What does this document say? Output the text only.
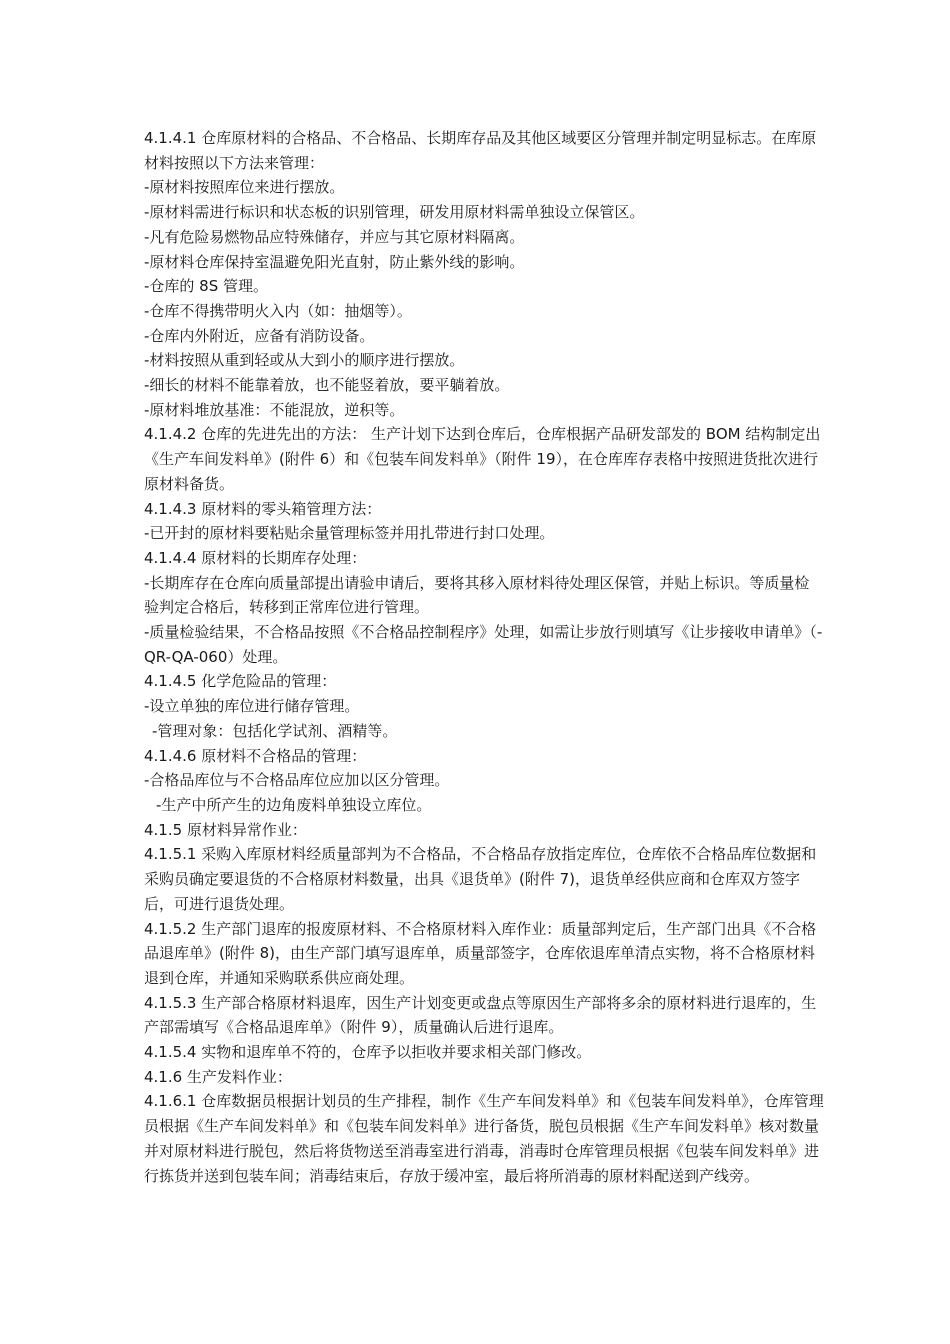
4.1.4.1 仓库原材料的合格品、不合格品、长期库存品及其他区域要区分管理并制定明显标志。在库原材料按照以下方法来管理：

-原材料按照库位来进行摆放。

-原材料需进行标识和状态板的识别管理，研发用原材料需单独设立保管区。

-凡有危险易燃物品应特殊储存，并应与其它原材料隔离。

-原材料仓库保持室温避免阳光直射，防止紫外线的影响。

-仓库的 8S 管理。

-仓库不得携带明火入内（如：抽烟等）。

-仓库内外附近，应备有消防设备。

-材料按照从重到轻或从大到小的顺序进行摆放。

-细长的材料不能靠着放，也不能竖着放，要平躺着放。

-原材料堆放基准：不能混放，逆积等。

4.1.4.2 仓库的先进先出的方法： 生产计划下达到仓库后，仓库根据产品研发部发的 BOM 结构制定出《生产车间发料单》(附件 6）和《包装车间发料单》（附件 19），在仓库库存表格中按照进货批次进行原材料备货。

4.1.4.3 原材料的零头箱管理方法：

-已开封的原材料要粘贴余量管理标签并用扎带进行封口处理。

4.1.4.4 原材料的长期库存处理：

-长期库存在仓库向质量部提出请验申请后，要将其移入原材料待处理区保管，并贴上标识。等质量检验判定合格后，转移到正常库位进行管理。

-质量检验结果，不合格品按照《不合格品控制程序》处理，如需让步放行则填写《让步接收申请单》（-QR-QA-060）处理。

4.1.4.5 化学危险品的管理：

-设立单独的库位进行储存管理。

-管理对象：包括化学试剂、酒精等。

4.1.4.6 原材料不合格品的管理：

-合格品库位与不合格品库位应加以区分管理。

-生产中所产生的边角废料单独设立库位。

4.1.5 原材料异常作业：

4.1.5.1 采购入库原材料经质量部判为不合格品，不合格品存放指定库位，仓库依不合格品库位数据和采购员确定要退货的不合格原材料数量，出具《退货单》(附件 7)，退货单经供应商和仓库双方签字后，可进行退货处理。

4.1.5.2 生产部门退库的报废原材料、不合格原材料入库作业：质量部判定后，生产部门出具《不合格品退库单》(附件 8)，由生产部门填写退库单，质量部签字，仓库依退库单清点实物，将不合格原材料退到仓库，并通知采购联系供应商处理。

4.1.5.3 生产部合格原材料退库，因生产计划变更或盘点等原因生产部将多余的原材料进行退库的，生产部需填写《合格品退库单》（附件 9），质量确认后进行退库。

4.1.5.4 实物和退库单不符的，仓库予以拒收并要求相关部门修改。

4.1.6 生产发料作业：

4.1.6.1 仓库数据员根据计划员的生产排程，制作《生产车间发料单》和《包装车间发料单》，仓库管理员根据《生产车间发料单》和《包装车间发料单》进行备货，脱包员根据《生产车间发料单》核对数量并对原材料进行脱包，然后将货物送至消毒室进行消毒，消毒时仓库管理员根据《包装车间发料单》进行拣货并送到包装车间；消毒结束后，存放于缓冲室，最后将所消毒的原材料配送到产线旁。
